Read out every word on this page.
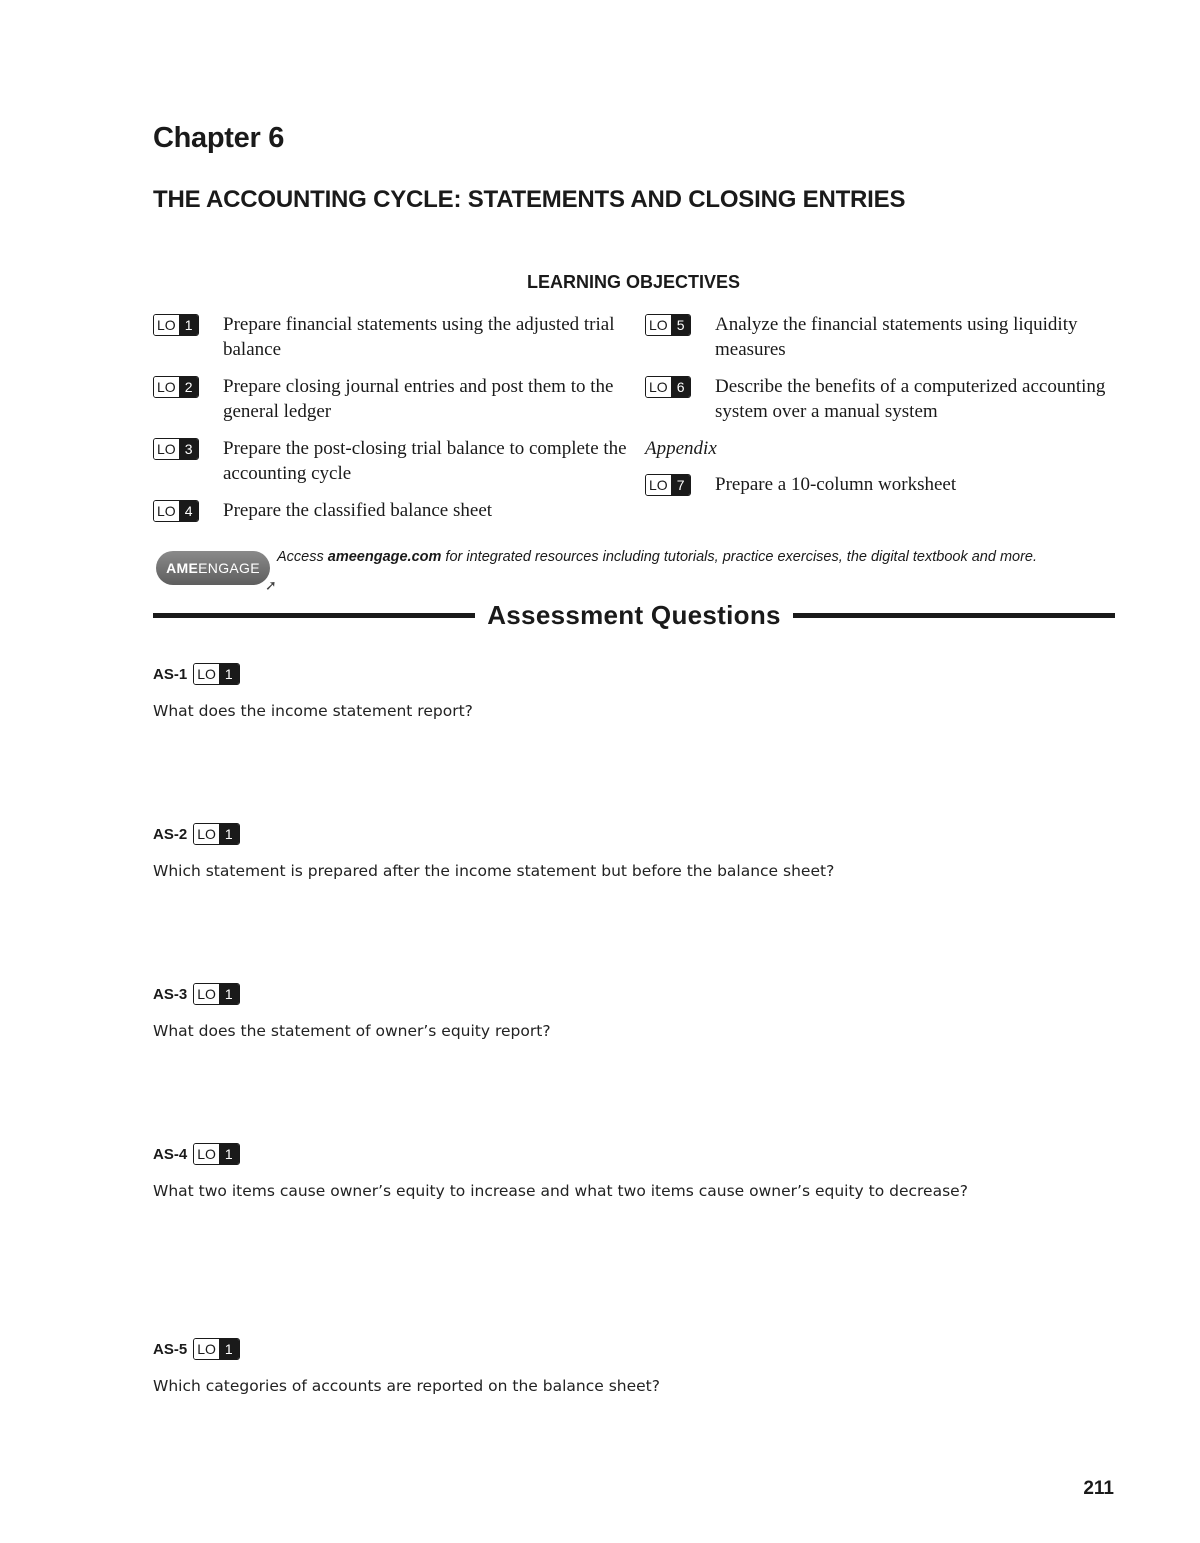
Chapter 6
THE ACCOUNTING CYCLE: STATEMENTS AND CLOSING ENTRIES
LEARNING OBJECTIVES
LO 1	Prepare financial statements using the adjusted trial balance
LO 2	Prepare closing journal entries and post them to the general ledger
LO 3	Prepare the post-closing trial balance to complete the accounting cycle
LO 4	Prepare the classified balance sheet
LO 5	Analyze the financial statements using liquidity measures
LO 6	Describe the benefits of a computerized accounting system over a manual system

Appendix

LO 7	Prepare a 10-column worksheet
AME ENGAGE
➚

Access ameengage.com for integrated resources including tutorials, practice exercises, the digital textbook and more.

Assessment Questions
AS-1 LO 1

What does the income statement report?

AS-2 LO 1

Which statement is prepared after the income statement but before the balance sheet?

AS-3 LO 1

What does the statement of owner’s equity report?

AS-4 LO 1

What two items cause owner’s equity to increase and what two items cause owner’s equity to decrease?

AS-5 LO 1

Which categories of accounts are reported on the balance sheet?

211
